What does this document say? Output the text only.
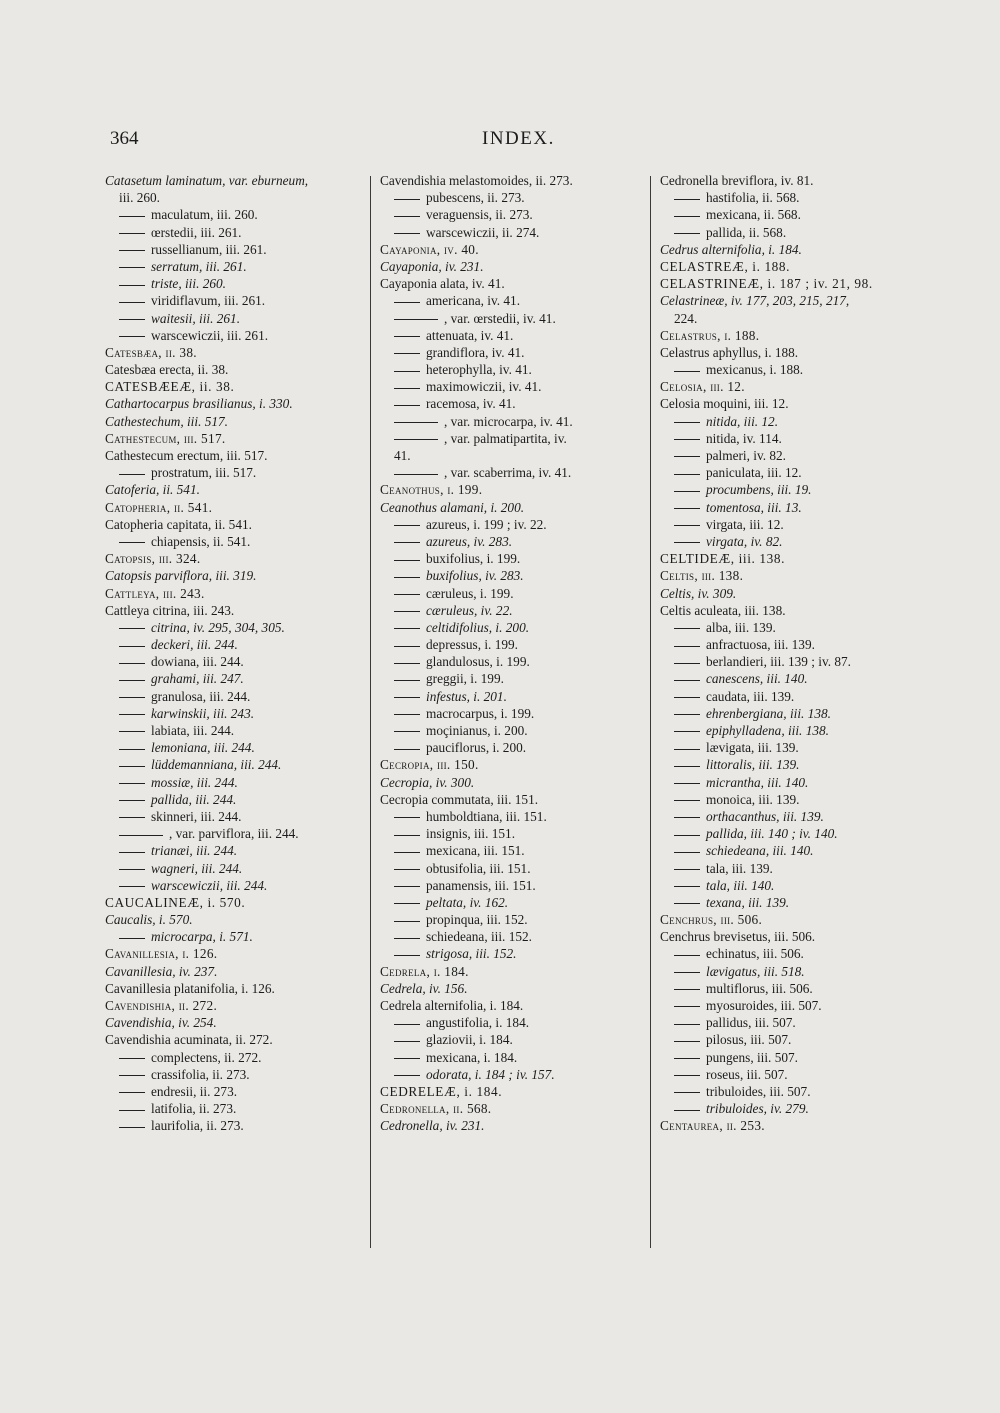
364	INDEX.
Catasetum laminatum, var. eburneum,
iii. 260.
maculatum, iii. 260.
œrstedii, iii. 261.
russellianum, iii. 261.
serratum, iii. 261.
triste, iii. 260.
viridiflavum, iii. 261.
waitesii, iii. 261.
warscewiczii, iii. 261.
Catesbæa, ii. 38.
Catesbæa erecta, ii. 38.
CATESBÆEÆ, ii. 38.
Cathartocarpus brasilianus, i. 330.
Cathestechum, iii. 517.
Cathestecum, iii. 517.
Cathestecum erectum, iii. 517.
prostratum, iii. 517.
Catoferia, ii. 541.
Catopheria, ii. 541.
Catopheria capitata, ii. 541.
chiapensis, ii. 541.
Catopsis, iii. 324.
Catopsis parviflora, iii. 319.
Cattleya, iii. 243.
Cattleya citrina, iii. 243.
citrina, iv. 295, 304, 305.
deckeri, iii. 244.
dowiana, iii. 244.
grahami, iii. 247.
granulosa, iii. 244.
karwinskii, iii. 243.
labiata, iii. 244.
lemoniana, iii. 244.
lüddemanniana, iii. 244.
mossiæ, iii. 244.
pallida, iii. 244.
skinneri, iii. 244.
, var. parviflora, iii. 244.
trianæi, iii. 244.
wagneri, iii. 244.
warscewiczii, iii. 244.
CAUCALINEÆ, i. 570.
Caucalis, i. 570.
microcarpa, i. 571.
Cavanillesia, i. 126.
Cavanillesia, iv. 237.
Cavanillesia platanifolia, i. 126.
Cavendishia, ii. 272.
Cavendishia, iv. 254.
Cavendishia acuminata, ii. 272.
complectens, ii. 272.
crassifolia, ii. 273.
endresii, ii. 273.
latifolia, ii. 273.
laurifolia, ii. 273.
Cavendishia melastomoides, ii. 273.
pubescens, ii. 273.
veraguensis, ii. 273.
warscewiczii, ii. 274.
Cayaponia, iv. 40.
Cayaponia, iv. 231.
Cayaponia alata, iv. 41.
americana, iv. 41.
, var. œrstedii, iv. 41.
attenuata, iv. 41.
grandiflora, iv. 41.
heterophylla, iv. 41.
maximowiczii, iv. 41.
racemosa, iv. 41.
, var. microcarpa, iv. 41.
, var. palmatipartita, iv.
41.
, var. scaberrima, iv. 41.
Ceanothus, i. 199.
Ceanothus alamani, i. 200.
azureus, i. 199 ; iv. 22.
azureus, iv. 283.
buxifolius, i. 199.
buxifolius, iv. 283.
cæruleus, i. 199.
cæruleus, iv. 22.
celtidifolius, i. 200.
depressus, i. 199.
glandulosus, i. 199.
greggii, i. 199.
infestus, i. 201.
macrocarpus, i. 199.
moçinianus, i. 200.
pauciflorus, i. 200.
Cecropia, iii. 150.
Cecropia, iv. 300.
Cecropia commutata, iii. 151.
humboldtiana, iii. 151.
insignis, iii. 151.
mexicana, iii. 151.
obtusifolia, iii. 151.
panamensis, iii. 151.
peltata, iv. 162.
propinqua, iii. 152.
schiedeana, iii. 152.
strigosa, iii. 152.
Cedrela, i. 184.
Cedrela, iv. 156.
Cedrela alternifolia, i. 184.
angustifolia, i. 184.
glaziovii, i. 184.
mexicana, i. 184.
odorata, i. 184 ; iv. 157.
CEDRELEÆ, i. 184.
Cedronella, ii. 568.
Cedronella, iv. 231.
Cedronella breviflora, iv. 81.
hastifolia, ii. 568.
mexicana, ii. 568.
pallida, ii. 568.
Cedrus alternifolia, i. 184.
CELASTREÆ, i. 188.
CELASTRINEÆ, i. 187 ; iv. 21, 98.
Celastrineæ, iv. 177, 203, 215, 217,
224.
Celastrus, i. 188.
Celastrus aphyllus, i. 188.
mexicanus, i. 188.
Celosia, iii. 12.
Celosia moquini, iii. 12.
nitida, iii. 12.
nitida, iv. 114.
palmeri, iv. 82.
paniculata, iii. 12.
procumbens, iii. 19.
tomentosa, iii. 13.
virgata, iii. 12.
virgata, iv. 82.
CELTIDEÆ, iii. 138.
Celtis, iii. 138.
Celtis, iv. 309.
Celtis aculeata, iii. 138.
alba, iii. 139.
anfractuosa, iii. 139.
berlandieri, iii. 139 ; iv. 87.
canescens, iii. 140.
caudata, iii. 139.
ehrenbergiana, iii. 138.
epiphylladena, iii. 138.
lævigata, iii. 139.
littoralis, iii. 139.
micrantha, iii. 140.
monoica, iii. 139.
orthacanthus, iii. 139.
pallida, iii. 140 ; iv. 140.
schiedeana, iii. 140.
tala, iii. 139.
tala, iii. 140.
texana, iii. 139.
Cenchrus, iii. 506.
Cenchrus brevisetus, iii. 506.
echinatus, iii. 506.
lævigatus, iii. 518.
multiflorus, iii. 506.
myosuroides, iii. 507.
pallidus, iii. 507.
pilosus, iii. 507.
pungens, iii. 507.
roseus, iii. 507.
tribuloides, iii. 507.
tribuloides, iv. 279.
Centaurea, ii. 253.
